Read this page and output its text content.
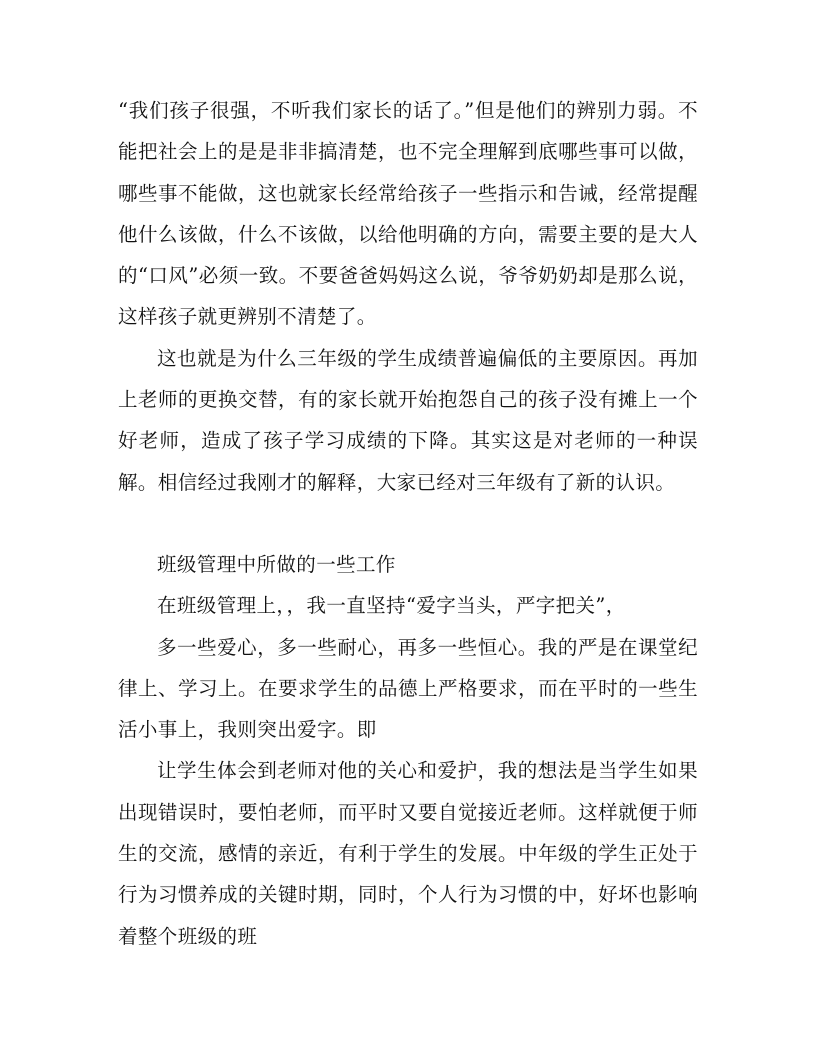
“我们孩子很强，不听我们家长的话了。”但是他们的辨别力弱。不能把社会上的是是非非搞清楚，也不完全理解到底哪些事可以做，哪些事不能做，这也就家长经常给孩子一些指示和告诫，经常提醒他什么该做，什么不该做，以给他明确的方向，需要主要的是大人的“口风”必须一致。不要爸爸妈妈这么说，爷爷奶奶却是那么说，这样孩子就更辨别不清楚了。

这也就是为什么三年级的学生成绩普遍偏低的主要原因。再加上老师的更换交替，有的家长就开始抱怨自己的孩子没有摊上一个好老师，造成了孩子学习成绩的下降。其实这是对老师的一种误解。相信经过我刚才的解释，大家已经对三年级有了新的认识。

班级管理中所做的一些工作

在班级管理上，，我一直坚持“爱字当头，严字把关”，

多一些爱心，多一些耐心，再多一些恒心。我的严是在课堂纪律上、学习上。在要求学生的品德上严格要求，而在平时的一些生活小事上，我则突出爱字。即

让学生体会到老师对他的关心和爱护，我的想法是当学生如果出现错误时，要怕老师，而平时又要自觉接近老师。这样就便于师生的交流，感情的亲近，有利于学生的发展。中年级的学生正处于行为习惯养成的关键时期，同时，个人行为习惯的中，好坏也影响着整个班级的班
